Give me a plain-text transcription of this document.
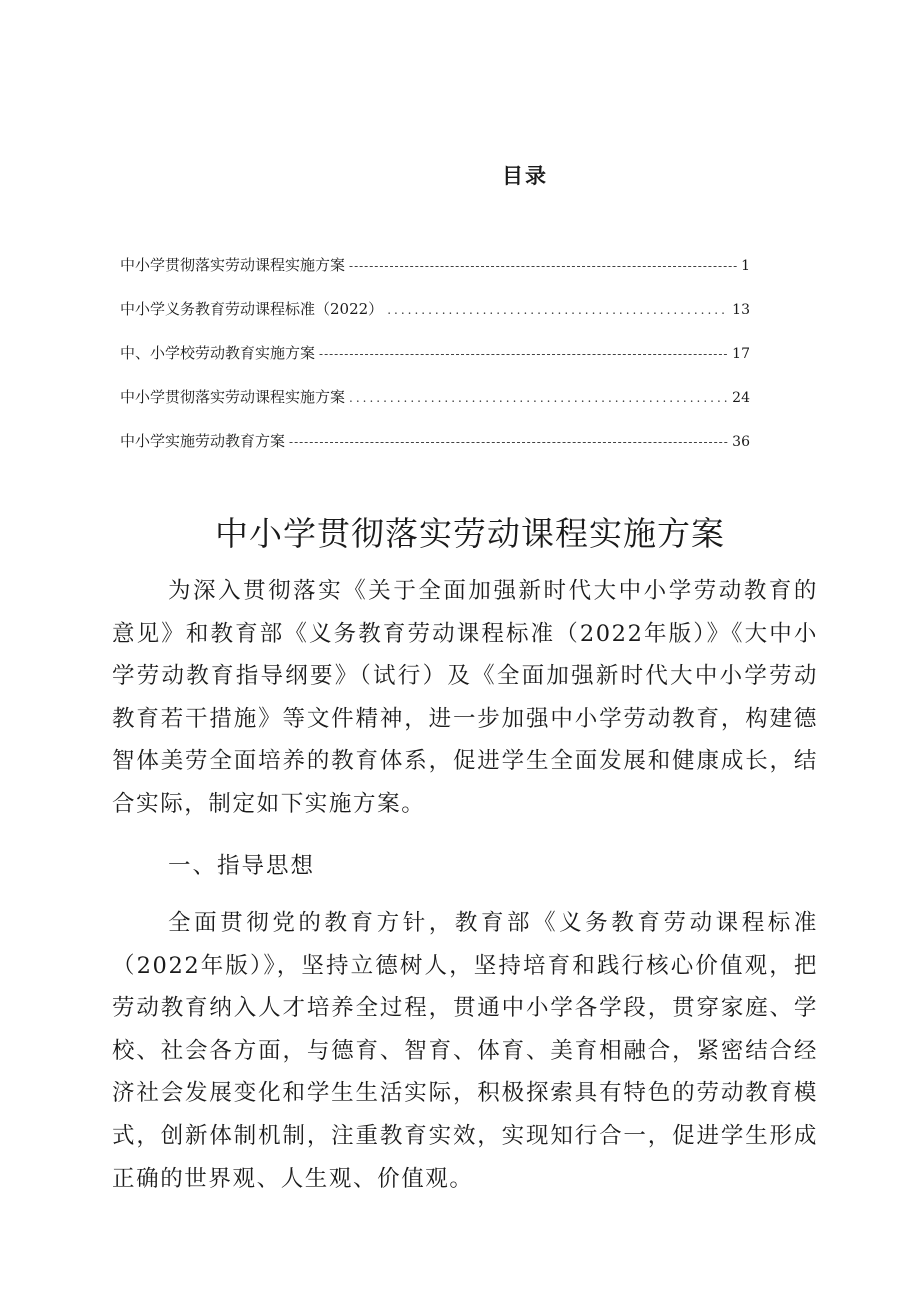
目录
中小学贯彻落实劳动课程实施方案 -----	1
中小学义务教育劳动课程标准（2022） .....	13
中、小学校劳动教育实施方案 -----	17
中小学贯彻落实劳动课程实施方案 .....	24
中小学实施劳动教育方案 -----	36
中小学贯彻落实劳动课程实施方案

为深入贯彻落实《关于全面加强新时代大中小学劳动教育的意见》和教育部《义务教育劳动课程标准（2022年版）》《大中小学劳动教育指导纲要》（试行）及《全面加强新时代大中小学劳动教育若干措施》等文件精神，进一步加强中小学劳动教育，构建德智体美劳全面培养的教育体系，促进学生全面发展和健康成长，结合实际，制定如下实施方案。

一、指导思想

全面贯彻党的教育方针，教育部《义务教育劳动课程标准（2022年版）》，坚持立德树人，坚持培育和践行核心价值观，把劳动教育纳入人才培养全过程，贯通中小学各学段，贯穿家庭、学校、社会各方面，与德育、智育、体育、美育相融合，紧密结合经济社会发展变化和学生生活实际，积极探索具有特色的劳动教育模式，创新体制机制，注重教育实效，实现知行合一，促进学生形成正确的世界观、人生观、价值观。
